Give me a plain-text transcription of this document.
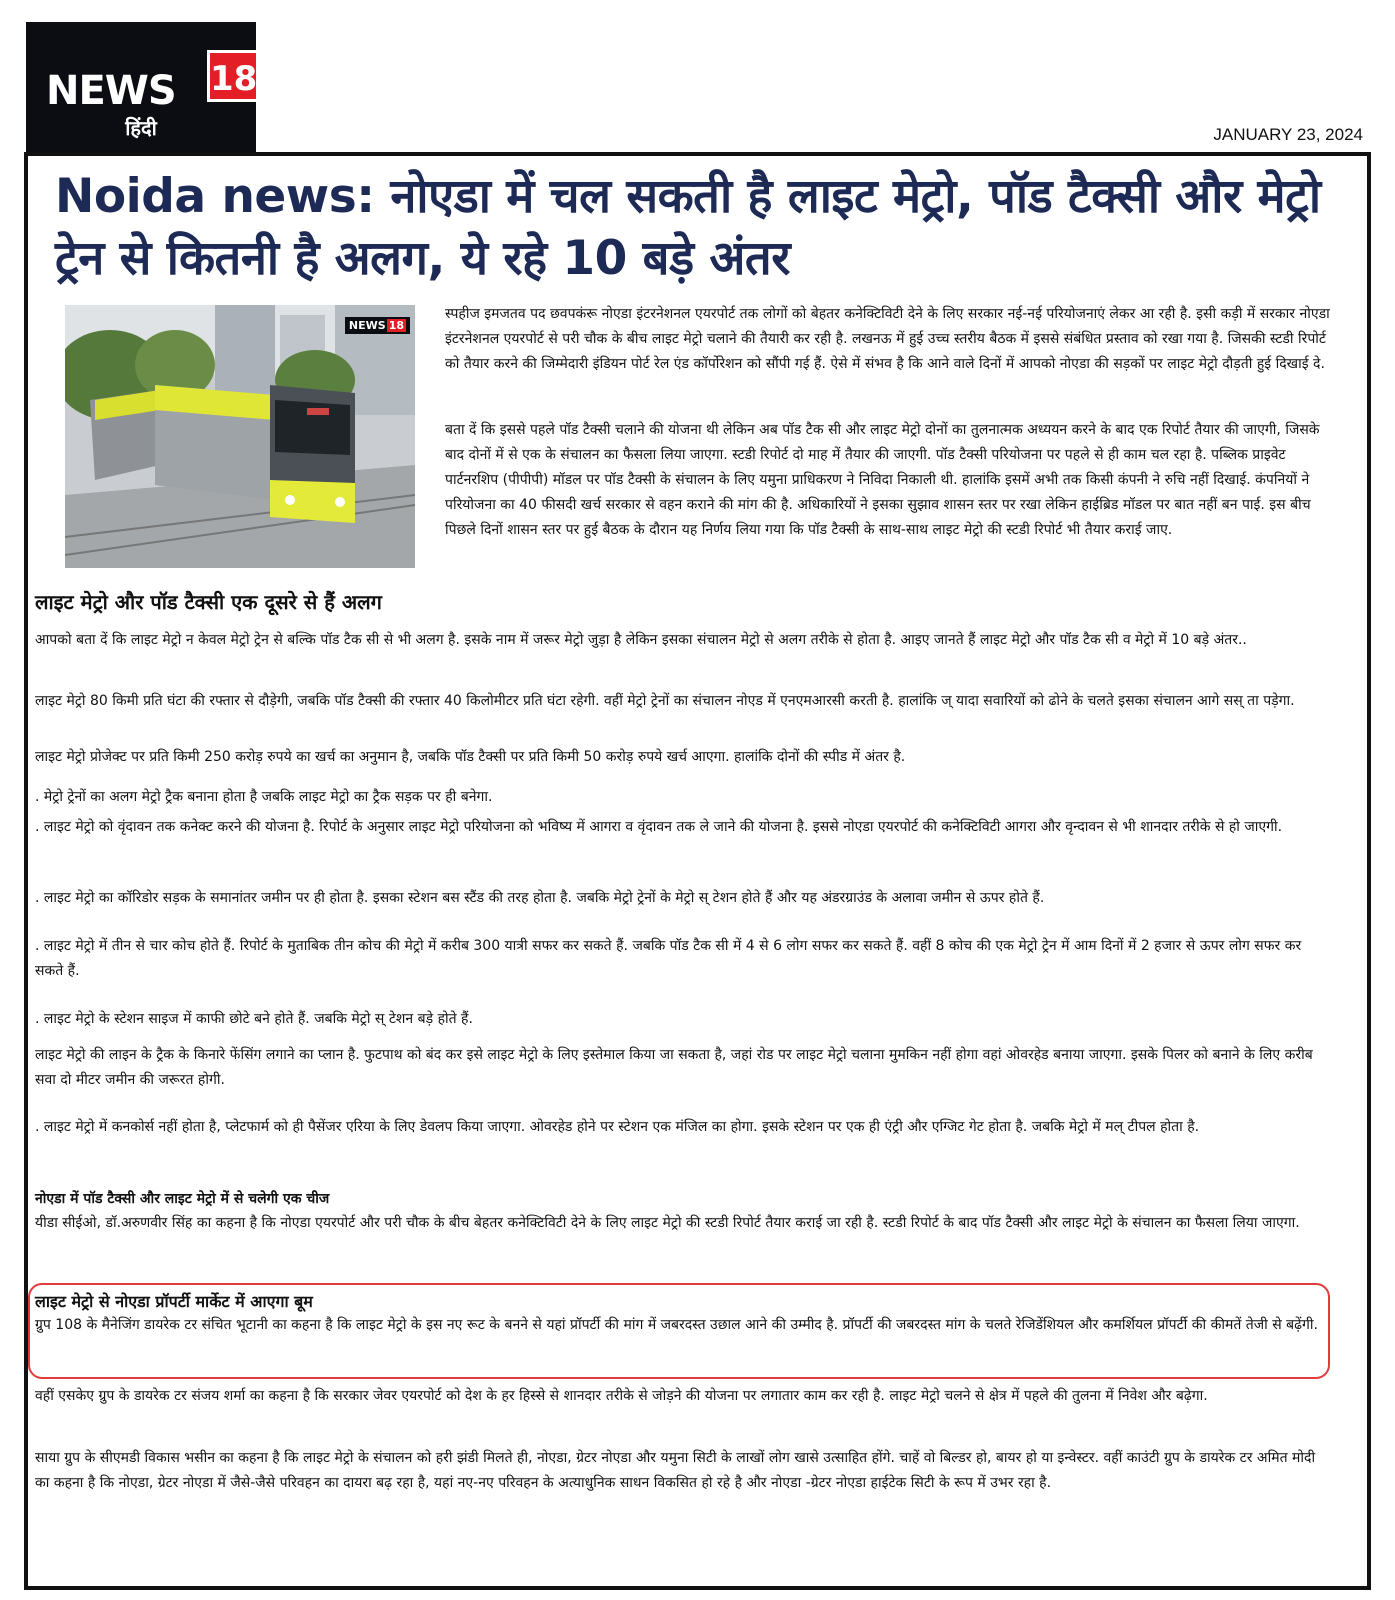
NEWS 18
हिंदी	JANUARY 23, 2024
Noida news: नोएडा में चल सकती है लाइट मेट्रो, पॉड टैक्सी और मेट्रो ट्रेन से कितनी है अलग, ये रहे 10 बड़े अंतर
NEWS 18

स्पहीज इमजतव पद छवपकंरू नोएडा इंटरनेशनल एयरपोर्ट तक लोगों को बेहतर कनेक्टिविटी देने के लिए सरकार नई-नई परियोजनाएं लेकर आ रही है. इसी कड़ी में सरकार नोएडा इंटरनेशनल एयरपोर्ट से परी चौक के बीच लाइट मेट्रो चलाने की तैयारी कर रही है. लखनऊ में हुई उच्च स्तरीय बैठक में इससे संबंधित प्रस्ताव को रखा गया है. जिसकी स्टडी रिपोर्ट को तैयार करने की जिम्मेदारी इंडियन पोर्ट रेल एंड कॉर्पोरेशन को सौंपी गई हैं. ऐसे में संभव है कि आने वाले दिनों में आपको नोएडा की सड़कों पर लाइट मेट्रो दौड़ती हुई दिखाई दे.

बता दें कि इससे पहले पॉड टैक्सी चलाने की योजना थी लेकिन अब पॉड टैक सी और लाइट मेट्रो दोनों का तुलनात्मक अध्ययन करने के बाद एक रिपोर्ट तैयार की जाएगी, जिसके बाद दोनों में से एक के संचालन का फैसला लिया जाएगा. स्टडी रिपोर्ट दो माह में तैयार की जाएगी. पॉड टैक्सी परियोजना पर पहले से ही काम चल रहा है. पब्लिक प्राइवेट पार्टनरशिप (पीपीपी) मॉडल पर पॉड टैक्सी के संचालन के लिए यमुना प्राधिकरण ने निविदा निकाली थी. हालांकि इसमें अभी तक किसी कंपनी ने रुचि नहीं दिखाई. कंपनियों ने परियोजना का 40 फीसदी खर्च सरकार से वहन कराने की मांग की है. अधिकारियों ने इसका सुझाव शासन स्तर पर रखा लेकिन हाईब्रिड मॉडल पर बात नहीं बन पाई. इस बीच पिछले दिनों शासन स्तर पर हुई बैठक के दौरान यह निर्णय लिया गया कि पॉड टैक्सी के साथ-साथ लाइट मेट्रो की स्टडी रिपोर्ट भी तैयार कराई जाए.

लाइट मेट्रो और पॉड टैक्सी एक दूसरे से हैं अलग

आपको बता दें कि लाइट मेट्रो न केवल मेट्रो ट्रेन से बल्कि पॉड टैक सी से भी अलग है. इसके नाम में जरूर मेट्रो जुड़ा है लेकिन इसका संचालन मेट्रो से अलग तरीके से होता है. आइए जानते हैं लाइट मेट्रो और पॉड टैक सी व मेट्रो में 10 बड़े अंतर..

लाइट मेट्रो 80 किमी प्रति घंटा की रफ्तार से दौड़ेगी, जबकि पॉड टैक्सी की रफ्तार 40 किलोमीटर प्रति घंटा रहेगी. वहीं मेट्रो ट्रेनों का संचालन नोएड में एनएमआरसी करती है. हालांकि ज् यादा सवारियों को ढोने के चलते इसका संचालन आगे सस् ता पड़ेगा.

लाइट मेट्रो प्रोजेक्ट पर प्रति किमी 250 करोड़ रुपये का खर्च का अनुमान है, जबकि पॉड टैक्सी पर प्रति किमी 50 करोड़ रुपये खर्च आएगा. हालांकि दोनों की स्पीड में अंतर है.

. मेट्रो ट्रेनों का अलग मेट्रो ट्रैक बनाना होता है जबकि लाइट मेट्रो का ट्रैक सड़क पर ही बनेगा.

. लाइट मेट्रो को वृंदावन तक कनेक्ट करने की योजना है. रिपोर्ट के अनुसार लाइट मेट्रो परियोजना को भविष्य में आगरा व वृंदावन तक ले जाने की योजना है. इससे नोएडा एयरपोर्ट की कनेक्टिविटी आगरा और वृन्दावन से भी शानदार तरीके से हो जाएगी.

. लाइट मेट्रो का कॉरिडोर सड़क के समानांतर जमीन पर ही होता है. इसका स्टेशन बस स्टैंड की तरह होता है. जबकि मेट्रो ट्रेनों के मेट्रो स् टेशन होते हैं और यह अंडरग्राउंड के अलावा जमीन से ऊपर होते हैं.

. लाइट मेट्रो में तीन से चार कोच होते हैं. रिपोर्ट के मुताबिक तीन कोच की मेट्रो में करीब 300 यात्री सफर कर सकते हैं. जबकि पॉड टैक सी में 4 से 6 लोग सफर कर सकते हैं. वहीं 8 कोच की एक मेट्रो ट्रेन में आम दिनों में 2 हजार से ऊपर लोग सफर कर सकते हैं.

. लाइट मेट्रो के स्टेशन साइज में काफी छोटे बने होते हैं. जबकि मेट्रो स् टेशन बड़े होते हैं.

लाइट मेट्रो की लाइन के ट्रैक के किनारे फेंसिंग लगाने का प्लान है. फुटपाथ को बंद कर इसे लाइट मेट्रो के लिए इस्तेमाल किया जा सकता है, जहां रोड पर लाइट मेट्रो चलाना मुमकिन नहीं होगा वहां ओवरहेड बनाया जाएगा. इसके पिलर को बनाने के लिए करीब सवा दो मीटर जमीन की जरूरत होगी.

. लाइट मेट्रो में कनकोर्स नहीं होता है, प्लेटफार्म को ही पैसेंजर एरिया के लिए डेवलप किया जाएगा. ओवरहेड होने पर स्टेशन एक मंजिल का होगा. इसके स्टेशन पर एक ही एंट्री और एग्जिट गेट होता है. जबकि मेट्रो में मल् टीपल होता है.

नोएडा में पॉड टैक्सी और लाइट मेट्रो में से चलेगी एक चीज

यीडा सीईओ, डॉ.अरुणवीर सिंह का कहना है कि नोएडा एयरपोर्ट और परी चौक के बीच बेहतर कनेक्टिविटी देने के लिए लाइट मेट्रो की स्टडी रिपोर्ट तैयार कराई जा रही है. स्टडी रिपोर्ट के बाद पॉड टैक्सी और लाइट मेट्रो के संचालन का फैसला लिया जाएगा.

लाइट मेट्रो से नोएडा प्रॉपर्टी मार्केट में आएगा बूम

ग्रुप 108 के मैनेजिंग डायरेक टर संचित भूटानी का कहना है कि लाइट मेट्रो के इस नए रूट के बनने से यहां प्रॉपर्टी की मांग में जबरदस्त उछाल आने की उम्मीद है. प्रॉपर्टी की जबरदस्त मांग के चलते रेजिडेंशियल और कमर्शियल प्रॉपर्टी की कीमतें तेजी से बढ़ेंगी.

वहीं एसकेए ग्रुप के डायरेक टर संजय शर्मा का कहना है कि सरकार जेवर एयरपोर्ट को देश के हर हिस्से से शानदार तरीके से जोड़ने की योजना पर लगातार काम कर रही है. लाइट मेट्रो चलने से क्षेत्र में पहले की तुलना में निवेश और बढ़ेगा.

साया ग्रुप के सीएमडी विकास भसीन का कहना है कि लाइट मेट्रो के संचालन को हरी झंडी मिलते ही, नोएडा, ग्रेटर नोएडा और यमुना सिटी के लाखों लोग खासे उत्साहित होंगे. चाहें वो बिल्डर हो, बायर हो या इन्वेस्टर. वहीं काउंटी ग्रुप के डायरेक टर अमित मोदी का कहना है कि नोएडा, ग्रेटर नोएडा में जैसे-जैसे परिवहन का दायरा बढ़ रहा है, यहां नए-नए परिवहन के अत्याधुनिक साधन विकसित हो रहे है और नोएडा -ग्रेटर नोएडा हाईटेक सिटी के रूप में उभर रहा है.
